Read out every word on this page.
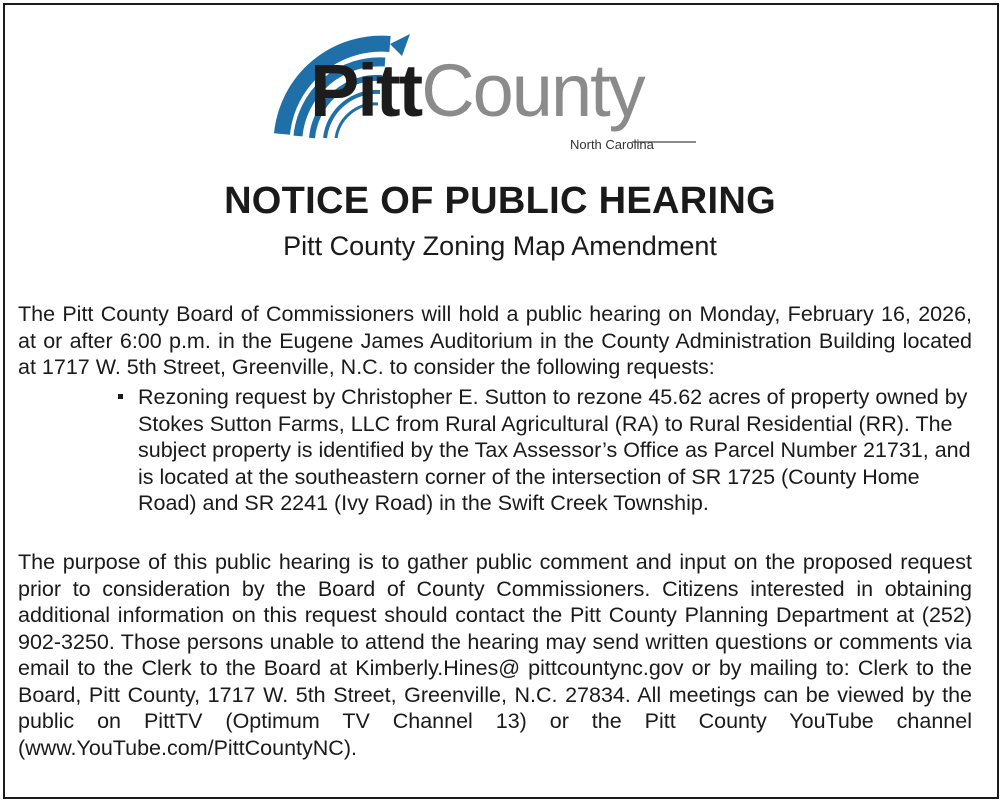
PittCounty
North Carolina
NOTICE OF PUBLIC HEARING
Pitt County Zoning Map Amendment
The Pitt County Board of Commissioners will hold a public hearing on Monday, February 16, 2026, at or after 6:00 p.m. in the Eugene James Auditorium in the County Administration Building located at 1717 W. 5th Street, Greenville, N.C. to consider the following requests:
Rezoning request by Christopher E. Sutton to rezone 45.62 acres of property owned by Stokes Sutton Farms, LLC from Rural Agricultural (RA) to Rural Residential (RR). The subject property is identified by the Tax Assessor’s Office as Parcel Number 21731, and is located at the southeastern corner of the intersection of SR 1725 (County Home Road) and SR 2241 (Ivy Road) in the Swift Creek Township.
The purpose of this public hearing is to gather public comment and input on the proposed request prior to consideration by the Board of County Commissioners. Citizens interested in obtaining additional information on this request should contact the Pitt County Planning Department at (252) 902-3250. Those persons unable to attend the hearing may send written questions or comments via email to the Clerk to the Board at Kimberly.Hines@ pittcountync.gov or by mailing to: Clerk to the Board, Pitt County, 1717 W. 5th Street, Greenville, N.C. 27834. All meetings can be viewed by the public on PittTV (Optimum TV Channel 13) or the Pitt County YouTube channel (www.YouTube.com/PittCountyNC).
